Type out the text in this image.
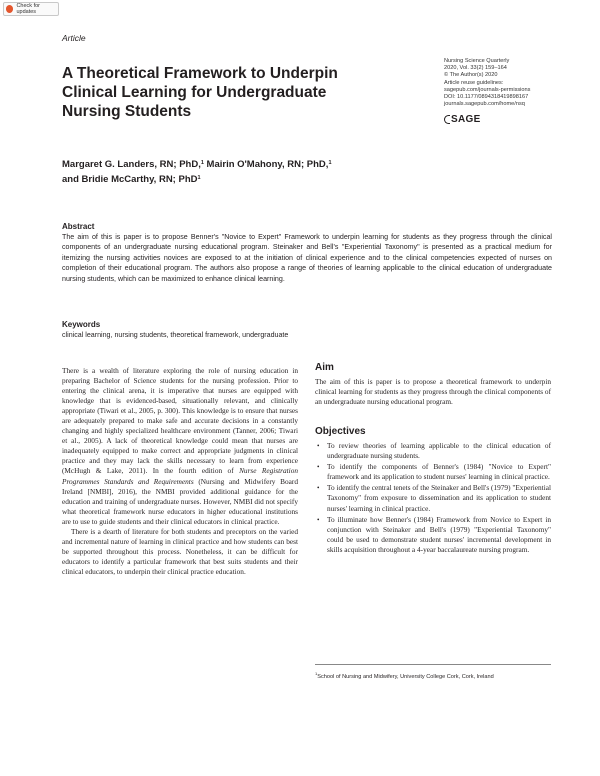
Check for updates
Article
A Theoretical Framework to Underpin Clinical Learning for Undergraduate Nursing Students
Nursing Science Quarterly
2020, Vol. 33(2) 159–164
© The Author(s) 2020
Article reuse guidelines:
sagepub.com/journals-permissions
DOI: 10.1177/0894318419898167
journals.sagepub.com/home/nsq
SAGE
Margaret G. Landers, RN; PhD,$^1$ Mairin O'Mahony, RN; PhD,$^1$
and Bridie McCarthy, RN; PhD$^1$
Abstract

The aim of this is paper is to propose Benner's "Novice to Expert" Framework to underpin learning for students as they progress through the clinical components of an undergraduate nursing educational program. Steinaker and Bell's "Experiential Taxonomy" is presented as a practical medium for itemizing the nursing activities novices are exposed to at the initiation of clinical experience and to the clinical competencies expected of nurses on completion of their educational program. The authors also propose a range of theories of learning applicable to the clinical education of undergraduate nursing students, which can be maximized to enhance clinical learning.

Keywords

clinical learning, nursing students, theoretical framework, undergraduate

There is a wealth of literature exploring the role of nursing education in preparing Bachelor of Science students for the nursing profession. Prior to entering the clinical arena, it is imperative that nurses are equipped with knowledge that is evidenced-based, situationally relevant, and clinically appropriate (Tiwari et al., 2005, p. 300). This knowledge is to ensure that nurses are adequately prepared to make safe and accurate decisions in a constantly changing and highly specialized healthcare environment (Tanner, 2006; Tiwari et al., 2005). A lack of theoretical knowledge could mean that nurses are inadequately equipped to make correct and appropriate judgments in clinical practice and they may lack the skills necessary to learn from experience (McHugh & Lake, 2011). In the fourth edition of Nurse Registration Programmes Standards and Requirements (Nursing and Midwifery Board Ireland [NMBI], 2016), the NMBI provided additional guidance for the education and training of undergraduate nurses. However, NMBI did not specify what theoretical framework nurse educators in higher educational institutions are to use to guide students and their clinical educators in clinical practice.

There is a dearth of literature for both students and preceptors on the varied and incremental nature of learning in clinical practice and how students can best be supported throughout this process. Nonetheless, it can be difficult for educators to identify a particular framework that best suits students and their clinical educators, to underpin their clinical practice education.

Aim

The aim of this is paper is to propose a theoretical framework to underpin clinical learning for students as they progress through the clinical components of an undergraduate nursing educational program.

Objectives
• To review theories of learning applicable to the clinical education of undergraduate nursing students.
• To identify the components of Benner's (1984) "Novice to Expert" framework and its application to student nurses' learning in clinical practice.
• To identify the central tenets of the Steinaker and Bell's (1979) "Experiential Taxonomy" from exposure to dissemination and its application to student nurses' learning in clinical practice.
• To illuminate how Benner's (1984) Framework from Novice to Expert in conjunction with Steinaker and Bell's (1979) "Experiential Taxonomy" could be used to demonstrate student nurses' incremental development in skills acquisition throughout a 4-year baccalaureate nursing program.
$^1$School of Nursing and Midwifery, University College Cork, Cork, Ireland
